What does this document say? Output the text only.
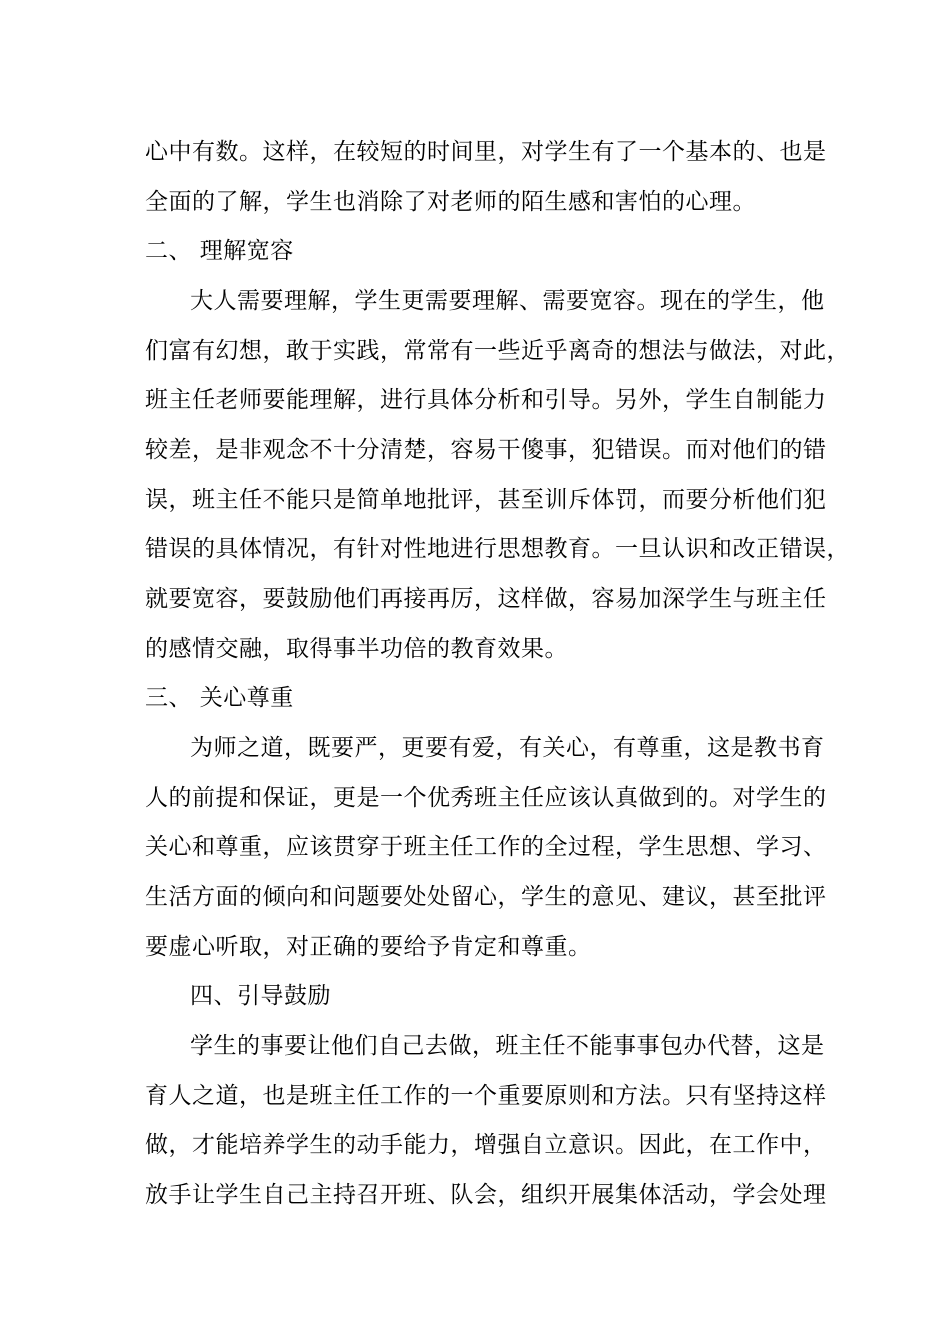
心中有数。这样，在较短的时间里，对学生有了一个基本的、也是
全面的了解，学生也消除了对老师的陌生感和害怕的心理。
二、 理解宽容
大人需要理解，学生更需要理解、需要宽容。现在的学生，他
们富有幻想，敢于实践，常常有一些近乎离奇的想法与做法，对此，
班主任老师要能理解，进行具体分析和引导。另外，学生自制能力
较差，是非观念不十分清楚，容易干傻事，犯错误。而对他们的错
误，班主任不能只是简单地批评，甚至训斥体罚，而要分析他们犯
错误的具体情况，有针对性地进行思想教育。一旦认识和改正错误，
就要宽容，要鼓励他们再接再厉，这样做，容易加深学生与班主任
的感情交融，取得事半功倍的教育效果。
三、 关心尊重
为师之道，既要严，更要有爱，有关心，有尊重，这是教书育
人的前提和保证，更是一个优秀班主任应该认真做到的。对学生的
关心和尊重，应该贯穿于班主任工作的全过程，学生思想、学习、
生活方面的倾向和问题要处处留心，学生的意见、建议，甚至批评
要虚心听取，对正确的要给予肯定和尊重。
四、引导鼓励
学生的事要让他们自己去做，班主任不能事事包办代替，这是
育人之道，也是班主任工作的一个重要原则和方法。只有坚持这样
做，才能培养学生的动手能力，增强自立意识。因此，在工作中，
放手让学生自己主持召开班、队会，组织开展集体活动，学会处理
